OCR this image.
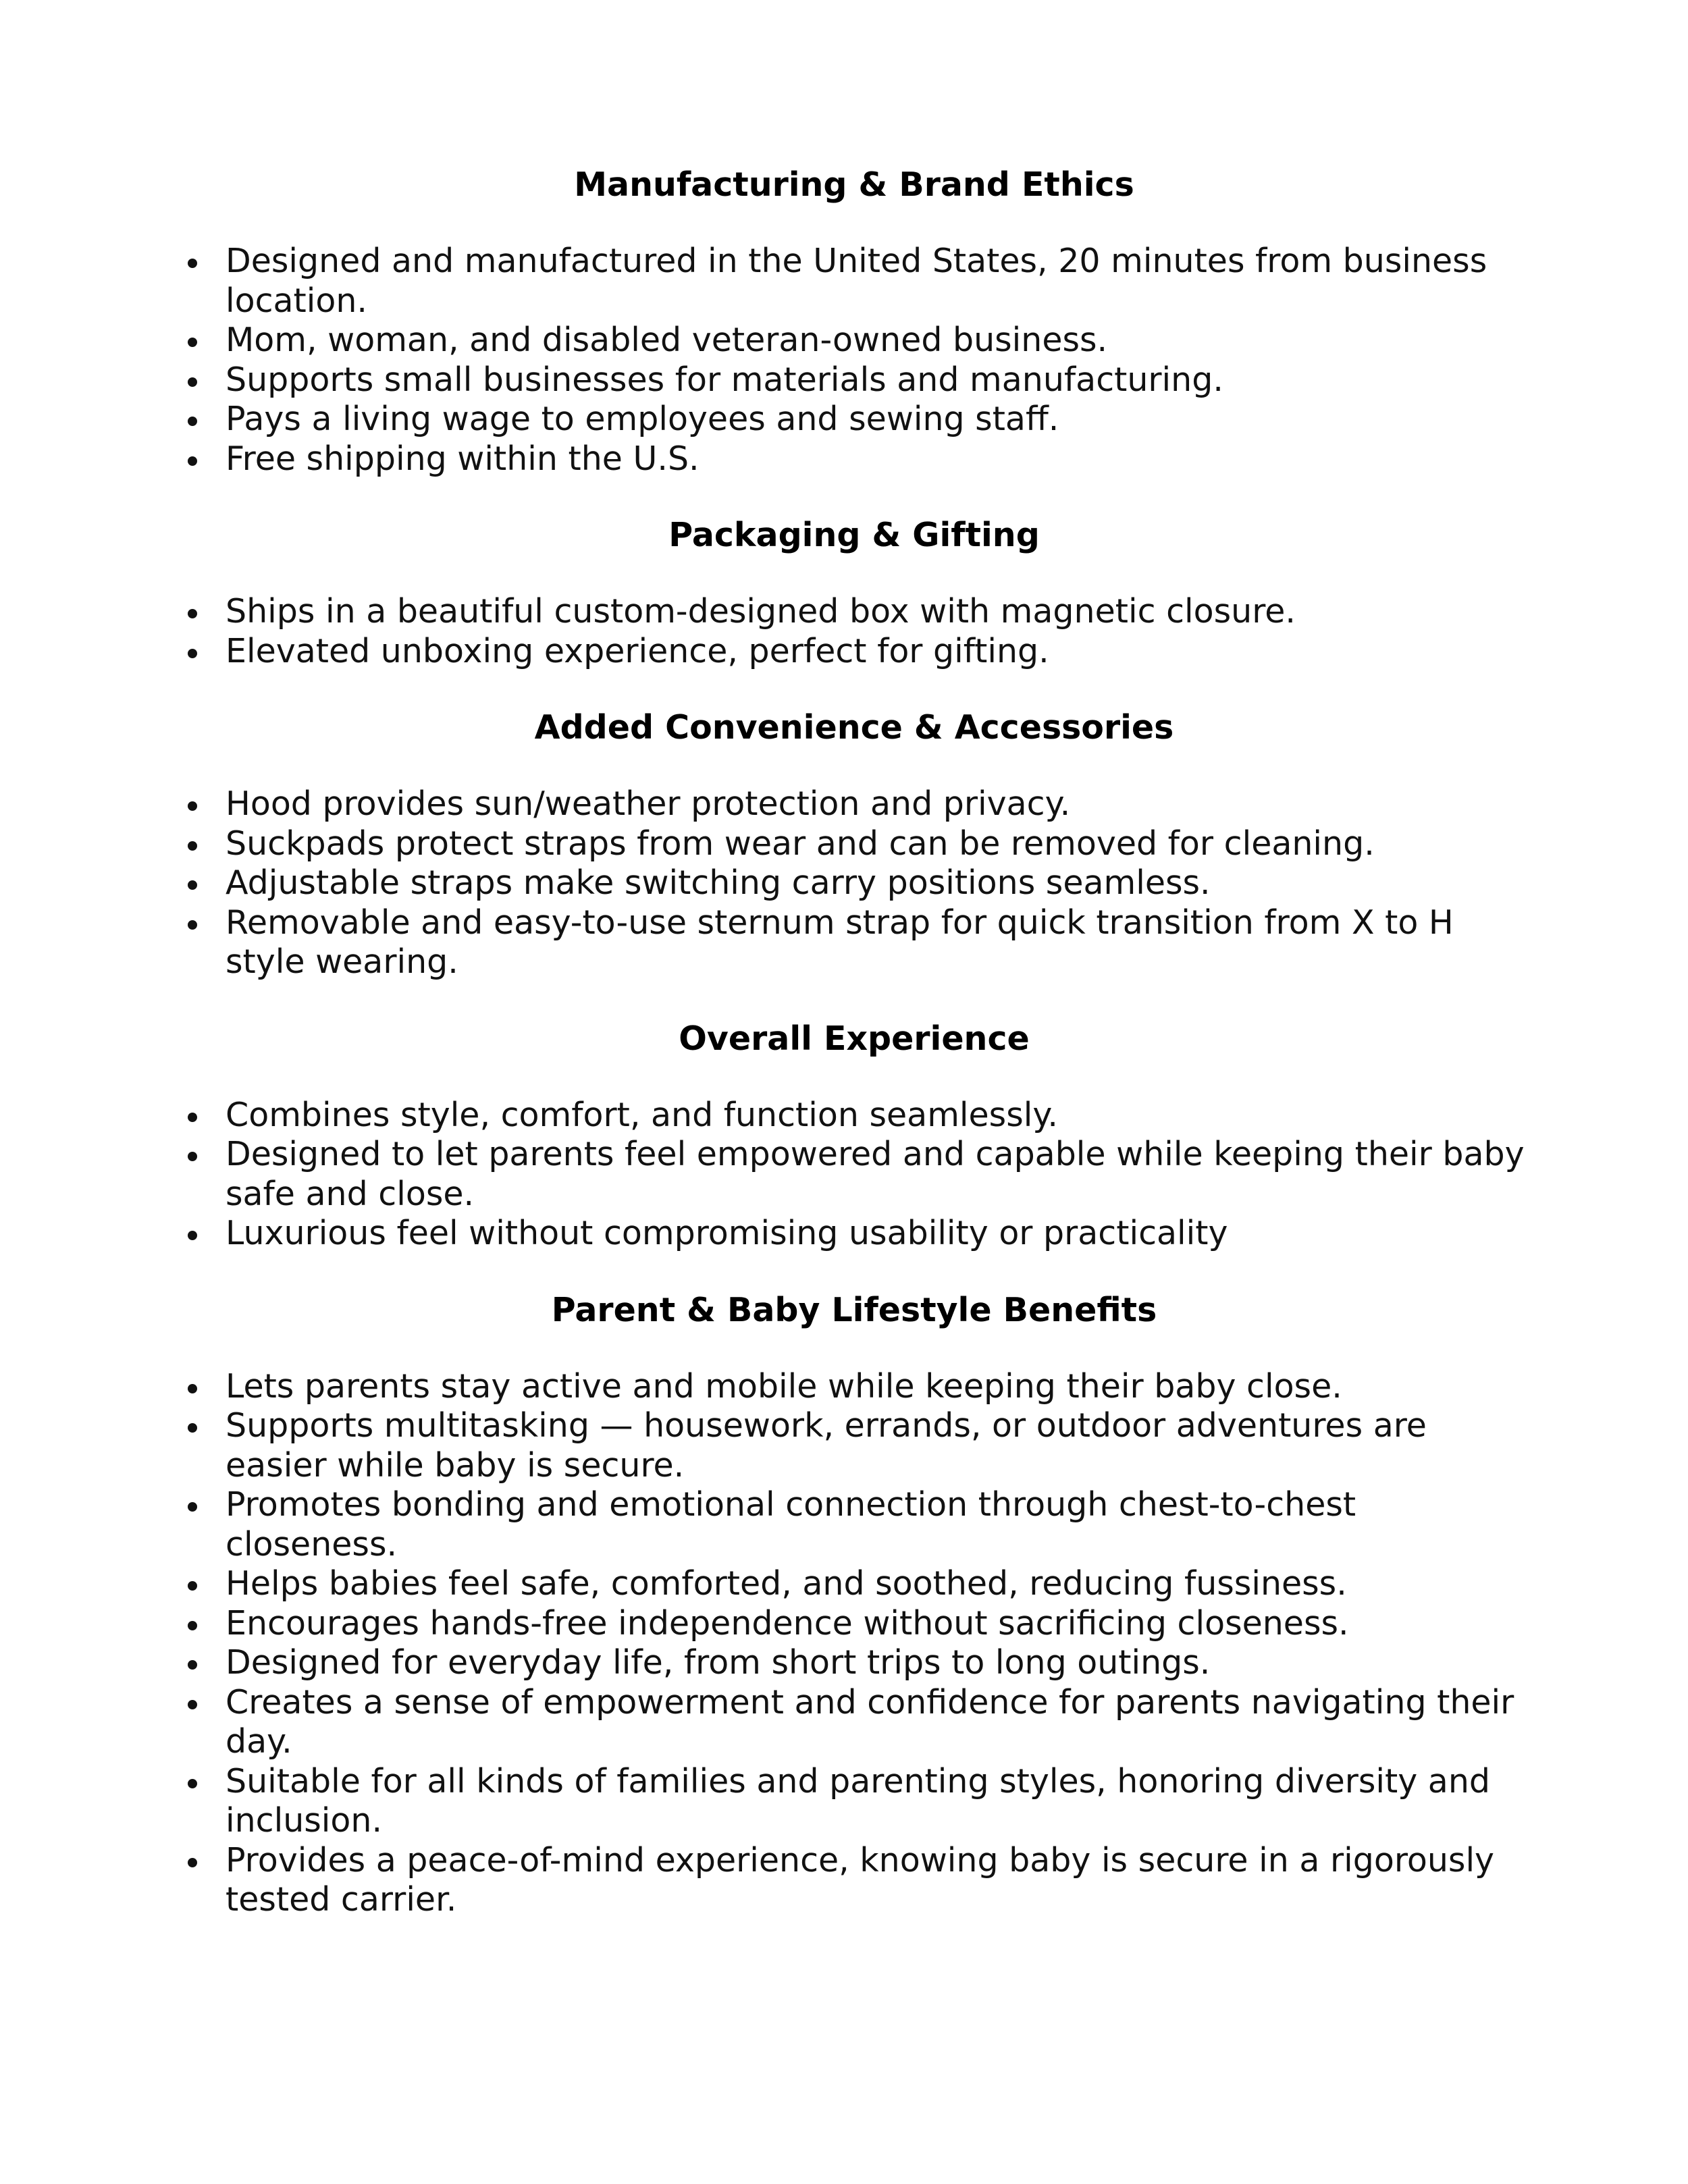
Manufacturing & Brand Ethics
Designed and manufactured in the United States, 20 minutes from business location.
Mom, woman, and disabled veteran-owned business.
Supports small businesses for materials and manufacturing.
Pays a living wage to employees and sewing staff.
Free shipping within the U.S.
Packaging & Gifting
Ships in a beautiful custom-designed box with magnetic closure.
Elevated unboxing experience, perfect for gifting.
Added Convenience & Accessories
Hood provides sun/weather protection and privacy.
Suckpads protect straps from wear and can be removed for cleaning.
Adjustable straps make switching carry positions seamless.
Removable and easy-to-use sternum strap for quick transition from X to H style wearing.
Overall Experience
Combines style, comfort, and function seamlessly.
Designed to let parents feel empowered and capable while keeping their baby safe and close.
Luxurious feel without compromising usability or practicality
Parent & Baby Lifestyle Benefits
Lets parents stay active and mobile while keeping their baby close.
Supports multitasking — housework, errands, or outdoor adventures are easier while baby is secure.
Promotes bonding and emotional connection through chest-to-chest closeness.
Helps babies feel safe, comforted, and soothed, reducing fussiness.
Encourages hands-free independence without sacrificing closeness.
Designed for everyday life, from short trips to long outings.
Creates a sense of empowerment and confidence for parents navigating their day.
Suitable for all kinds of families and parenting styles, honoring diversity and inclusion.
Provides a peace-of-mind experience, knowing baby is secure in a rigorously tested carrier.
